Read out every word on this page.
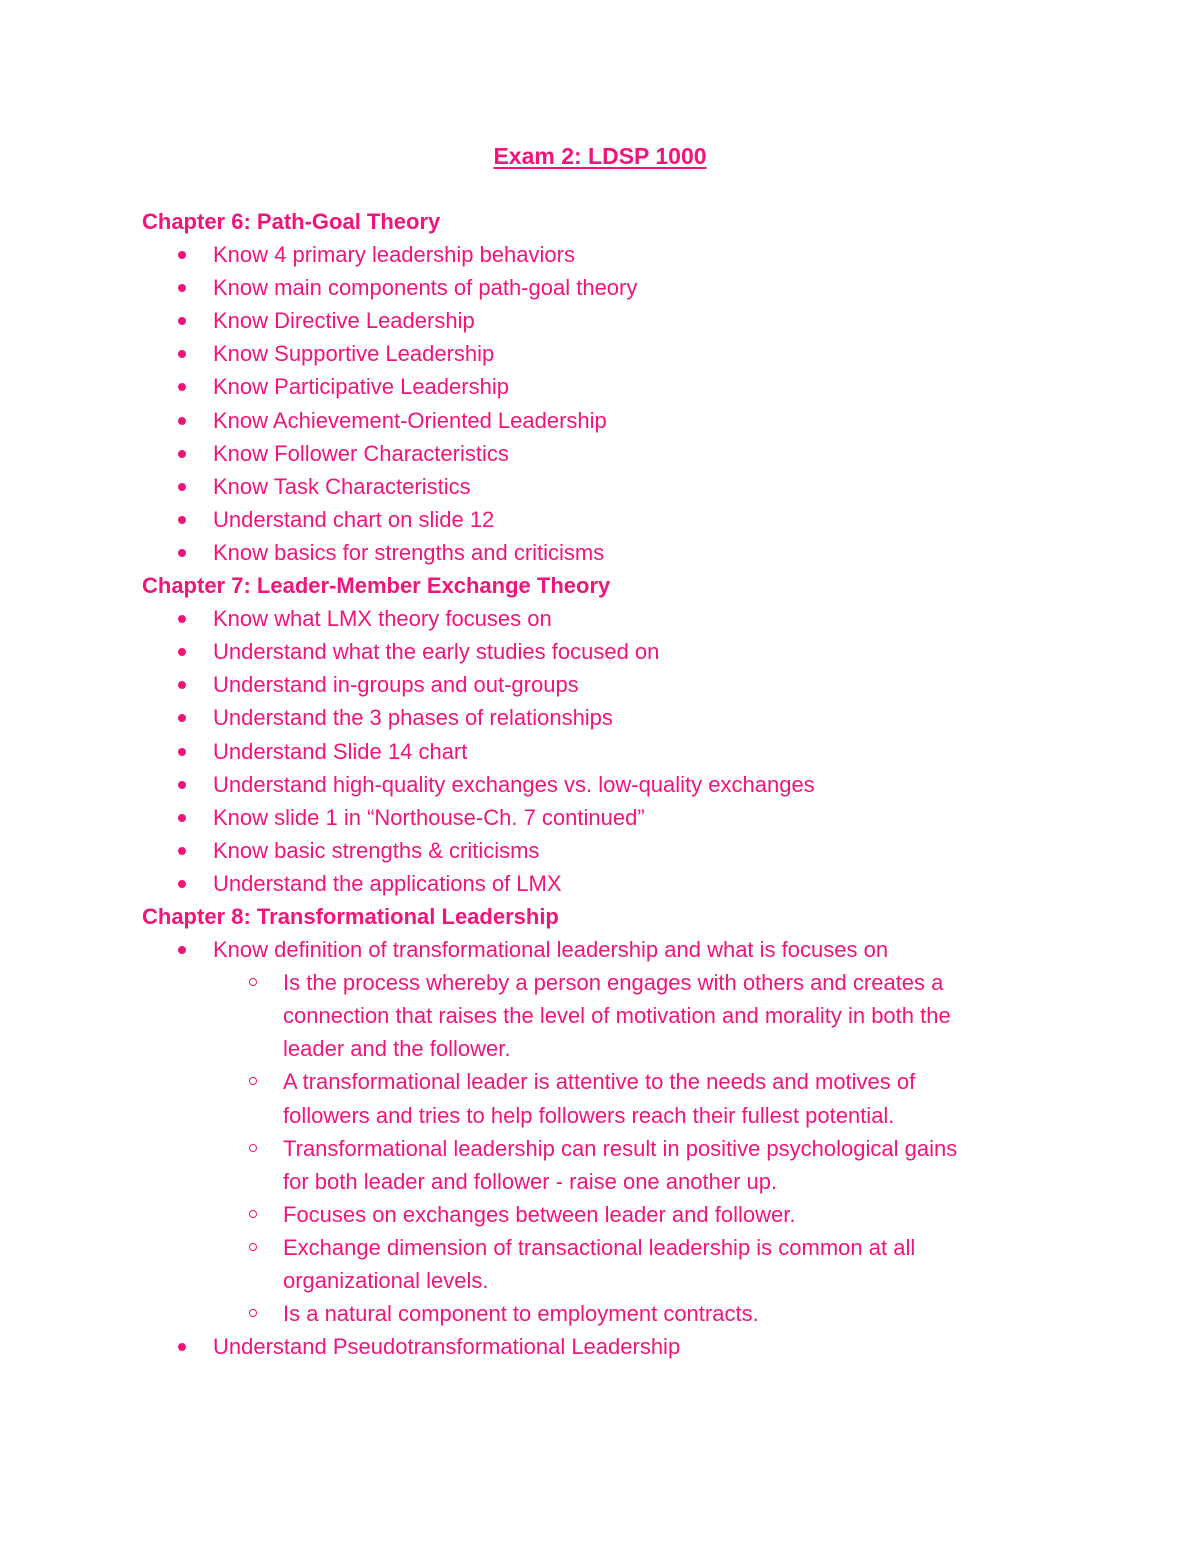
Exam 2: LDSP 1000
Chapter 6: Path-Goal Theory
Know 4 primary leadership behaviors
Know main components of path-goal theory
Know Directive Leadership
Know Supportive Leadership
Know Participative Leadership
Know Achievement-Oriented Leadership
Know Follower Characteristics
Know Task Characteristics
Understand chart on slide 12
Know basics for strengths and criticisms
Chapter 7: Leader-Member Exchange Theory
Know what LMX theory focuses on
Understand what the early studies focused on
Understand in-groups and out-groups
Understand the 3 phases of relationships
Understand Slide 14 chart
Understand high-quality exchanges vs. low-quality exchanges
Know slide 1 in “Northouse-Ch. 7 continued”
Know basic strengths & criticisms
Understand the applications of LMX
Chapter 8: Transformational Leadership
Know definition of transformational leadership and what is focuses on
Is the process whereby a person engages with others and creates a connection that raises the level of motivation and morality in both the leader and the follower.
A transformational leader is attentive to the needs and motives of followers and tries to help followers reach their fullest potential.
Transformational leadership can result in positive psychological gains for both leader and follower - raise one another up.
Focuses on exchanges between leader and follower.
Exchange dimension of transactional leadership is common at all organizational levels.
Is a natural component to employment contracts.
Understand Pseudotransformational Leadership
